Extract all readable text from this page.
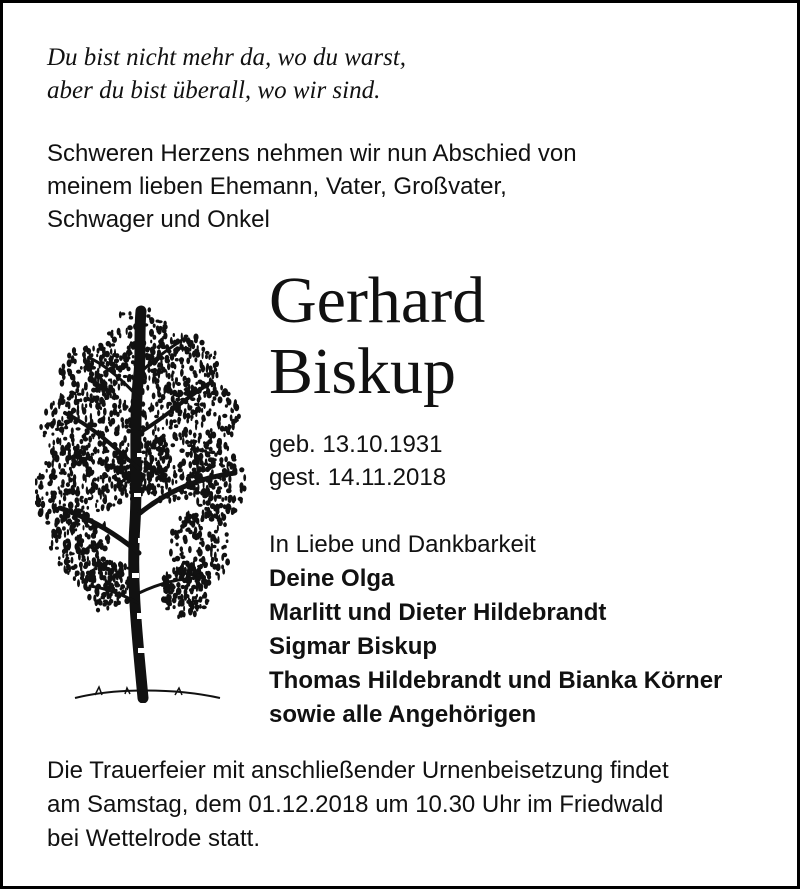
Du bist nicht mehr da, wo du warst,
aber du bist überall, wo wir sind.
Schweren Herzens nehmen wir nun Abschied von
meinem lieben Ehemann, Vater, Großvater,
Schwager und Onkel
Gerhard
Biskup
geb. 13.10.1931
gest. 14.11.2018
In Liebe und Dankbarkeit
Deine Olga
Marlitt und Dieter Hildebrandt
Sigmar Biskup
Thomas Hildebrandt und Bianka Körner
sowie alle Angehörigen
Die Trauerfeier mit anschließender Urnenbeisetzung findet
am Samstag, dem 01.12.2018 um 10.30 Uhr im Friedwald
bei Wettelrode statt.
